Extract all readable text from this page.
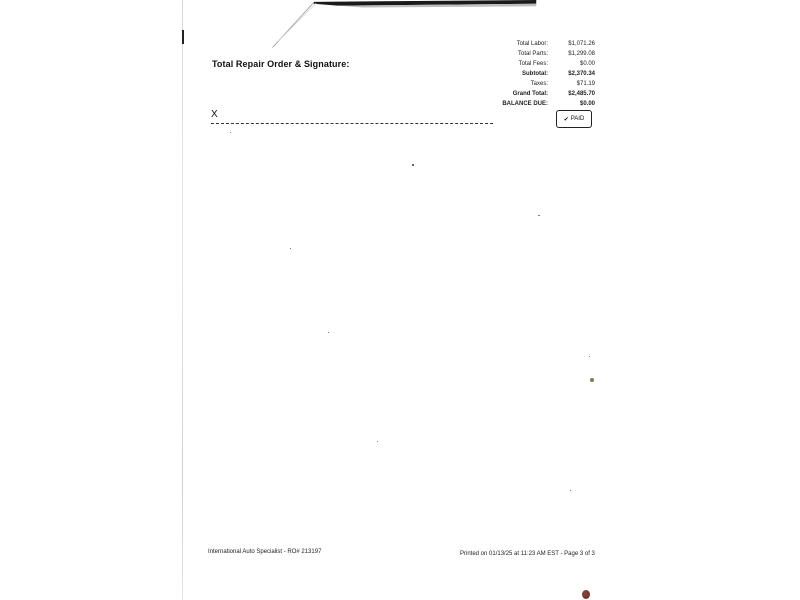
Total Repair Order & Signature:
Total Labor:	$1,071.26
Total Parts:	$1,299.08
Total Fees:	$0.00
Subtotal:	$2,370.34
Taxes:	$71.19
Grand Total:	$2,485.70
BALANCE DUE:	$0.00
X	✔ PAID
International Auto Specialist - RO# 213197	Printed on 01/13/25 at 11:23 AM EST - Page 3 of 3
